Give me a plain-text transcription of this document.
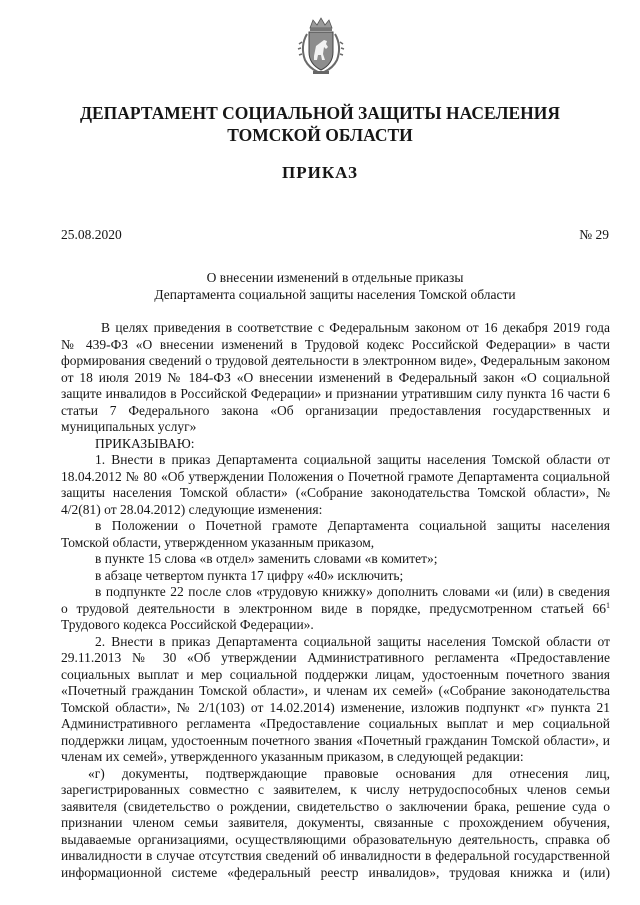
ДЕПАРТАМЕНТ СОЦИАЛЬНОЙ ЗАЩИТЫ НАСЕЛЕНИЯ
ТОМСКОЙ ОБЛАСТИ
ПРИКАЗ
25.08.2020	№ 29
О внесении изменений в отдельные приказы
Департамента социальной защиты населения Томской области
В целях приведения в соответствие с Федеральным законом от 16 декабря 2019 года
№ 439-ФЗ «О внесении изменений в Трудовой кодекс Российской Федерации» в части
формирования сведений о трудовой деятельности в электронном виде», Федеральным законом
от 18 июля 2019 № 184-ФЗ «О внесении изменений в Федеральный закон «О социальной
защите инвалидов в Российской Федерации» и признании утратившим силу пункта 16 части 6
статьи 7 Федерального закона «Об организации предоставления государственных и
муниципальных услуг»
ПРИКАЗЫВАЮ:
1. Внести в приказ Департамента социальной защиты населения Томской области от
18.04.2012 № 80 «Об утверждении Положения о Почетной грамоте Департамента социальной
защиты населения Томской области» («Собрание законодательства Томской области», №
4/2(81) от 28.04.2012) следующие изменения:
в Положении о Почетной грамоте Департамента социальной защиты населения
Томской области, утвержденном указанным приказом,
в пункте 15 слова «в отдел» заменить словами «в комитет»;
в абзаце четвертом пункта 17 цифру «40» исключить;
в подпункте 22 после слов «трудовую книжку» дополнить словами «и (или) в сведения
о трудовой деятельности в электронном виде в порядке, предусмотренном статьей $66^1$
Трудового кодекса Российской Федерации».
2. Внести в приказ Департамента социальной защиты населения Томской области от
29.11.2013 № 30 «Об утверждении Административного регламента «Предоставление
социальных выплат и мер социальной поддержки лицам, удостоенным почетного звания
«Почетный гражданин Томской области», и членам их семей» («Собрание законодательства
Томской области», № 2/1(103) от 14.02.2014) изменение, изложив подпункт «г» пункта 21
Административного регламента «Предоставление социальных выплат и мер социальной
поддержки лицам, удостоенным почетного звания «Почетный гражданин Томской области», и
членам их семей», утвержденного указанным приказом, в следующей редакции:
«г) документы, подтверждающие правовые основания для отнесения лиц,
зарегистрированных совместно с заявителем, к числу нетрудоспособных членов семьи
заявителя (свидетельство о рождении, свидетельство о заключении брака, решение суда о
признании членом семьи заявителя, документы, связанные с прохождением обучения,
выдаваемые организациями, осуществляющими образовательную деятельность, справка об
инвалидности в случае отсутствия сведений об инвалидности в федеральной государственной
информационной системе «федеральный реестр инвалидов», трудовая книжка и (или)
